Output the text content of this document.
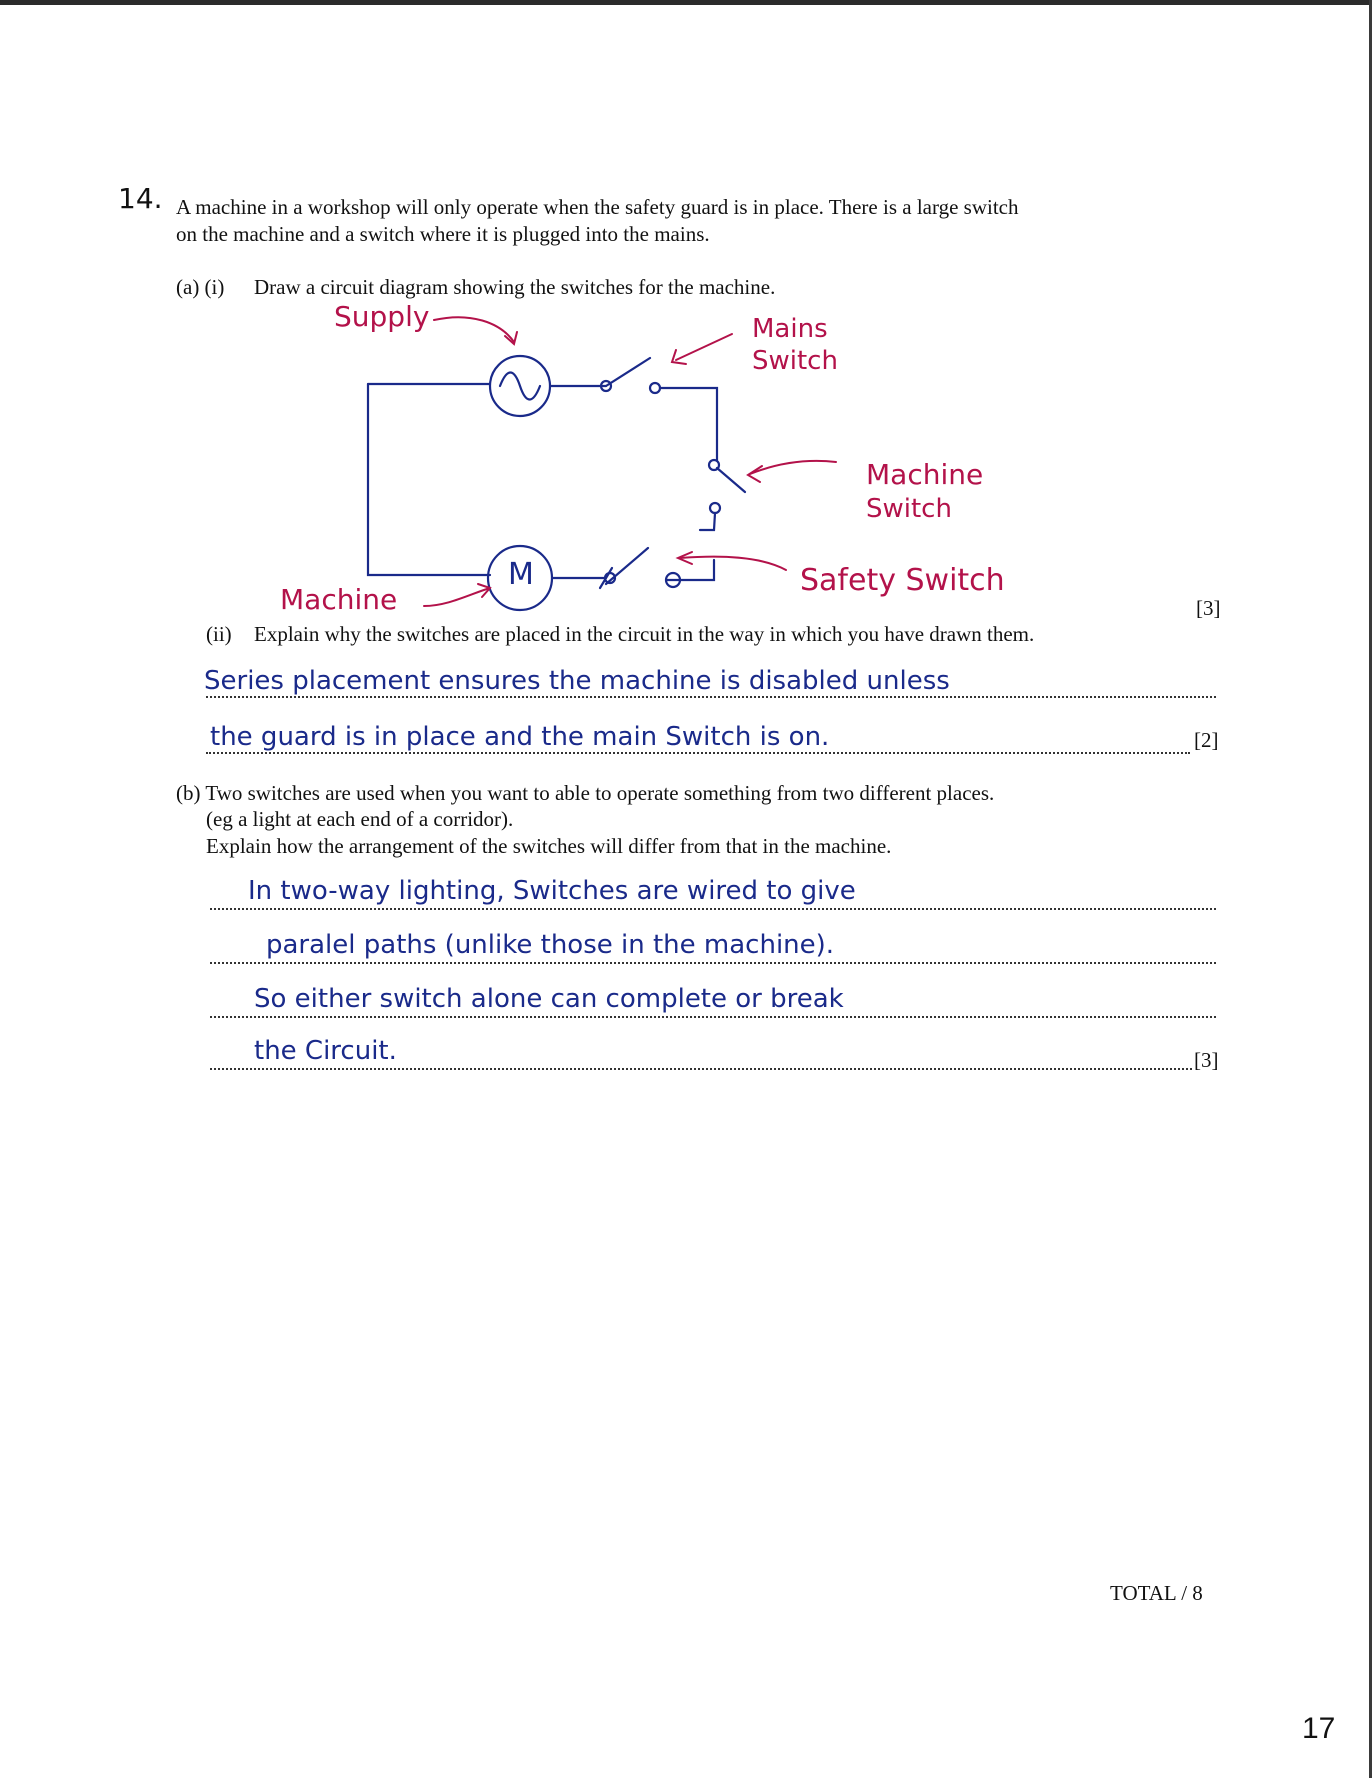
14. A machine in a workshop will only operate when the safety guard is in place. There is a large switch
on the machine and a switch where it is plugged into the mains.
(a) (i) Draw a circuit diagram showing the switches for the machine.
Supply	Mains
Switch
Machine
Switch
Safety Switch
Machine
M
[3]
(ii) Explain why the switches are placed in the circuit in the way in which you have drawn them.
Series placement ensures the machine is disabled unless
the guard is in place and the main Switch is on.	[2]
(b) Two switches are used when you want to able to operate something from two different places.
(eg a light at each end of a corridor).
Explain how the arrangement of the switches will differ from that in the machine.
In two-way lighting, Switches are wired to give
paralel paths (unlike those in the machine).
So either switch alone can complete or break
the Circuit.	[3]
TOTAL / 8
17
